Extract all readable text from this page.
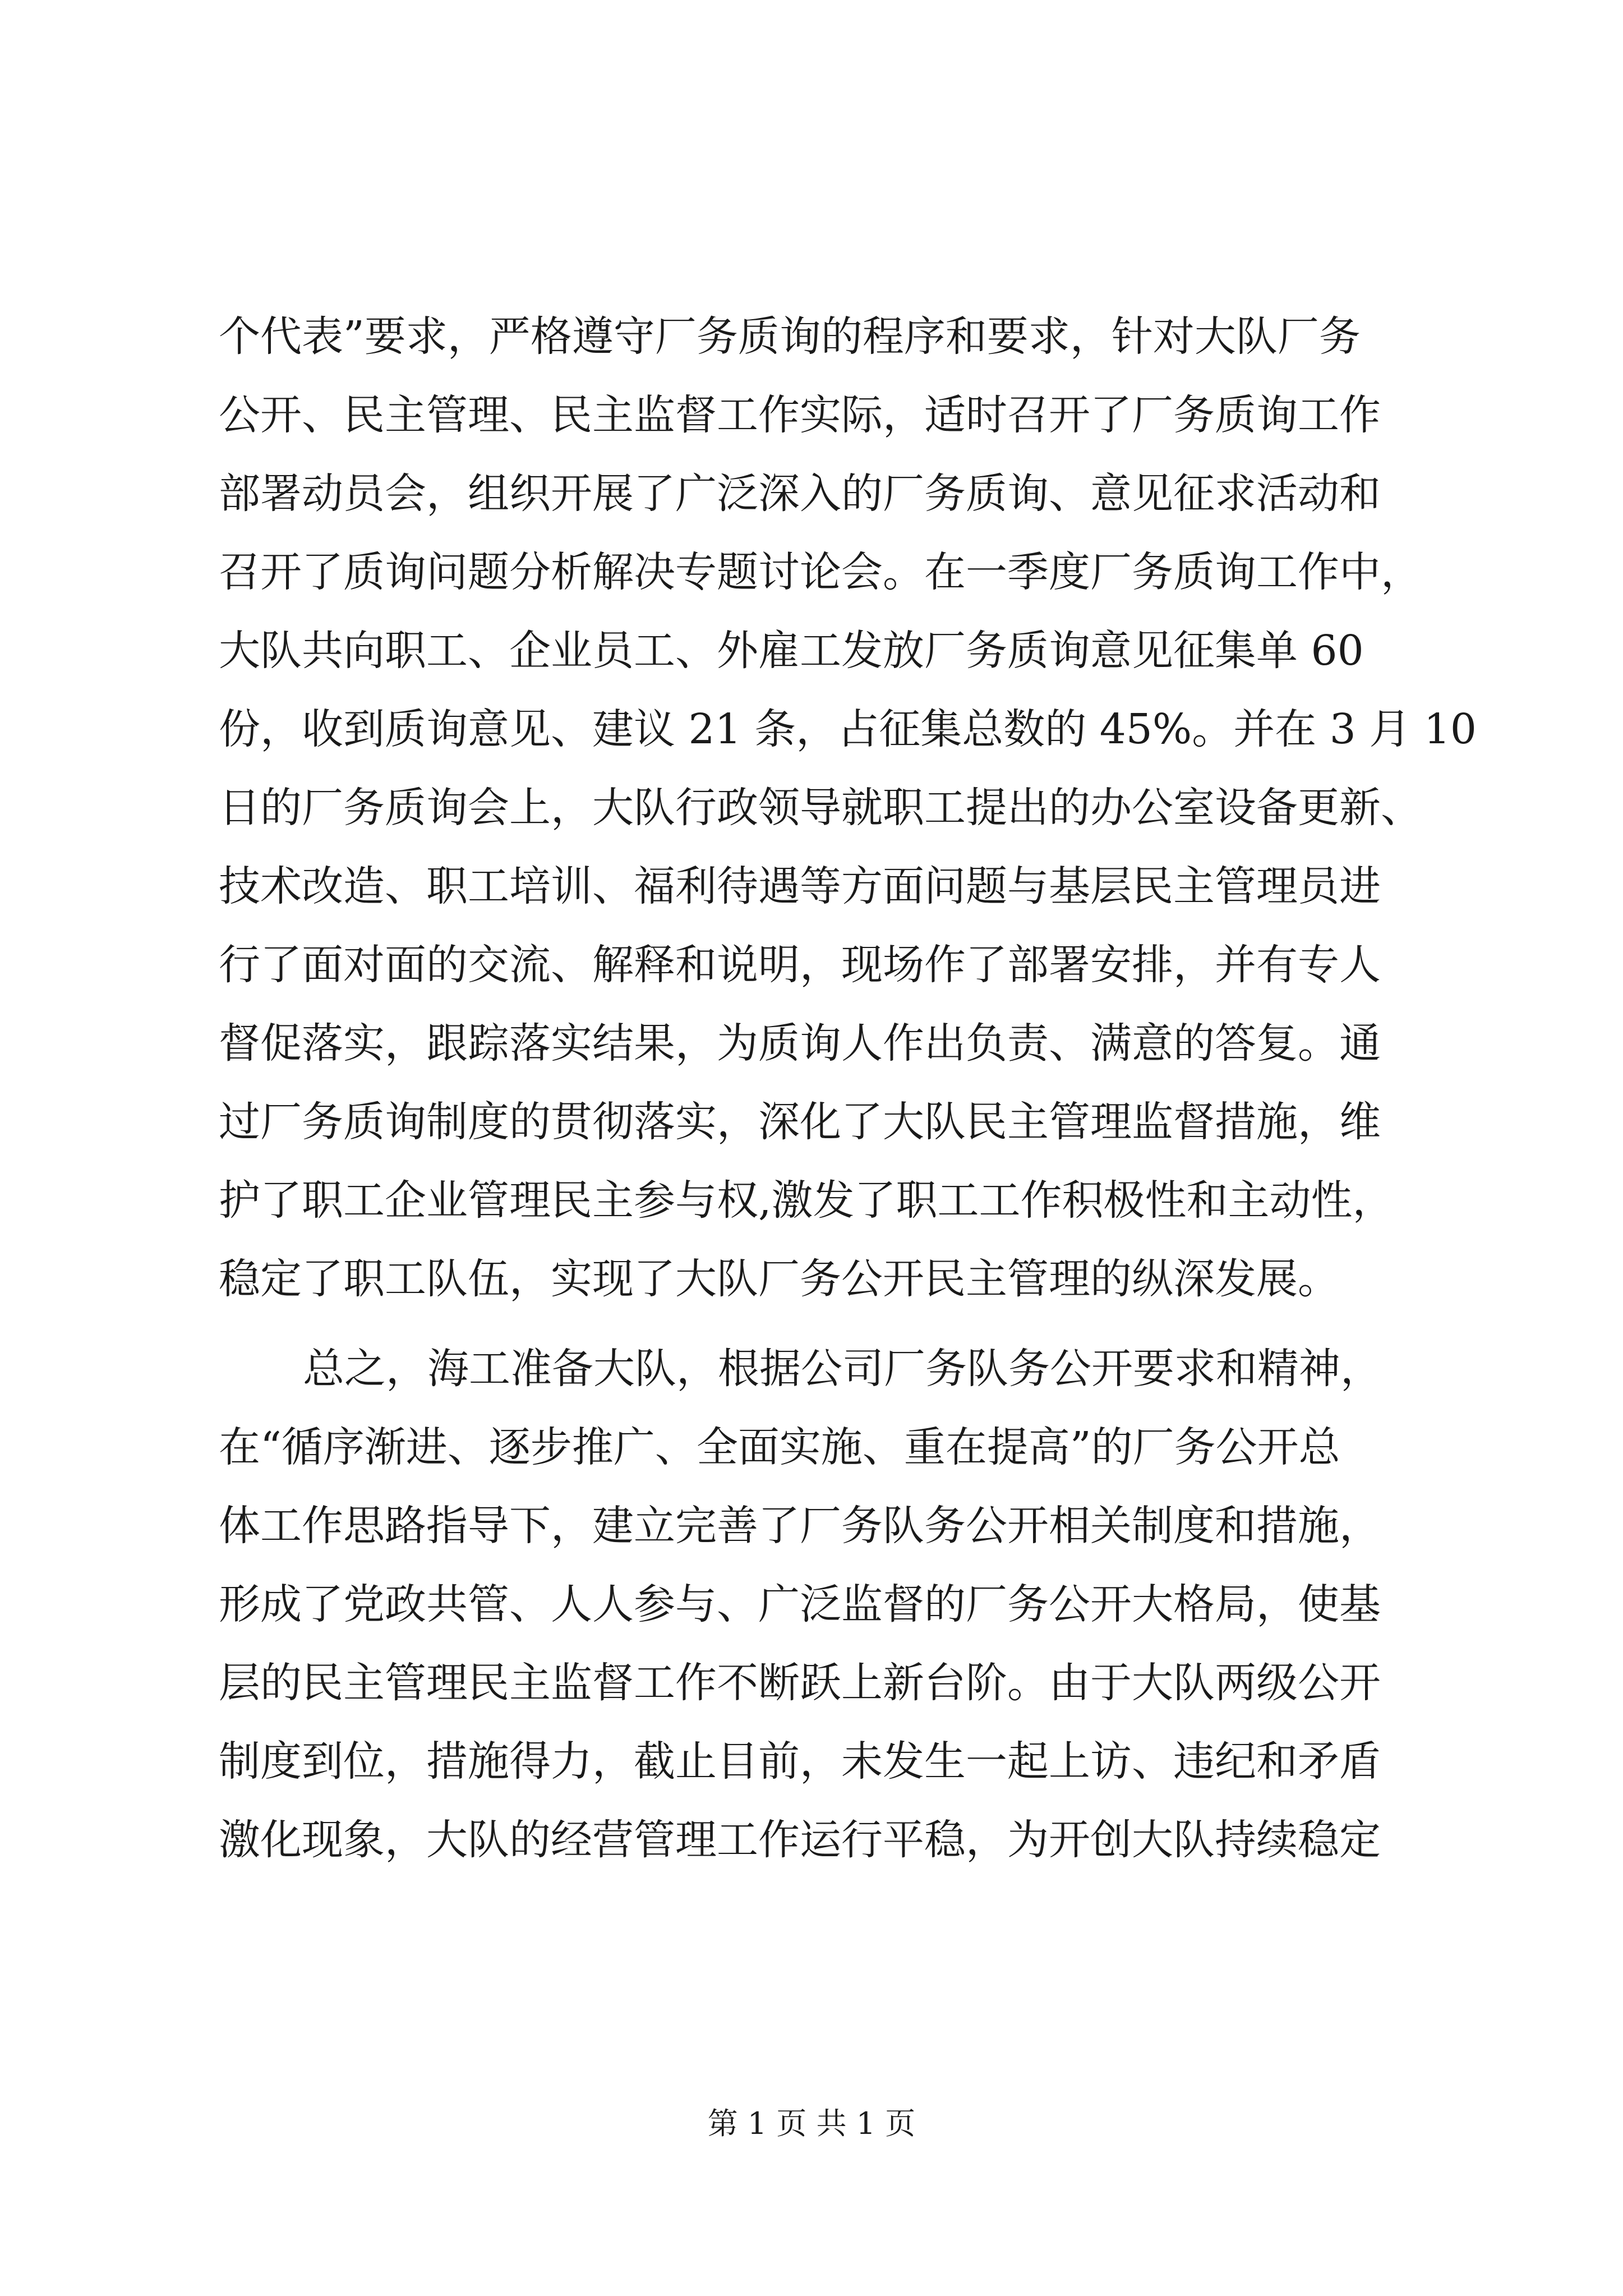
个代表”要求，严格遵守厂务质询的程序和要求，针对大队厂务
公开、民主管理、民主监督工作实际，适时召开了厂务质询工作
部署动员会，组织开展了广泛深入的厂务质询、意见征求活动和
召开了质询问题分析解决专题讨论会。在一季度厂务质询工作中，
大队共向职工、企业员工、外雇工发放厂务质询意见征集单 60
份，收到质询意见、建议 21 条，占征集总数的 45%。并在 3 月 10
日的厂务质询会上，大队行政领导就职工提出的办公室设备更新、
技术改造、职工培训、福利待遇等方面问题与基层民主管理员进
行了面对面的交流、解释和说明，现场作了部署安排，并有专人
督促落实，跟踪落实结果，为质询人作出负责、满意的答复。通
过厂务质询制度的贯彻落实，深化了大队民主管理监督措施，维
护了职工企业管理民主参与权,激发了职工工作积极性和主动性，
稳定了职工队伍，实现了大队厂务公开民主管理的纵深发展。
总之，海工准备大队，根据公司厂务队务公开要求和精神，
在“循序渐进、逐步推广、全面实施、重在提高”的厂务公开总
体工作思路指导下，建立完善了厂务队务公开相关制度和措施，
形成了党政共管、人人参与、广泛监督的厂务公开大格局，使基
层的民主管理民主监督工作不断跃上新台阶。由于大队两级公开
制度到位，措施得力，截止目前，未发生一起上访、违纪和矛盾
激化现象，大队的经营管理工作运行平稳，为开创大队持续稳定
第 1 页 共 1 页
